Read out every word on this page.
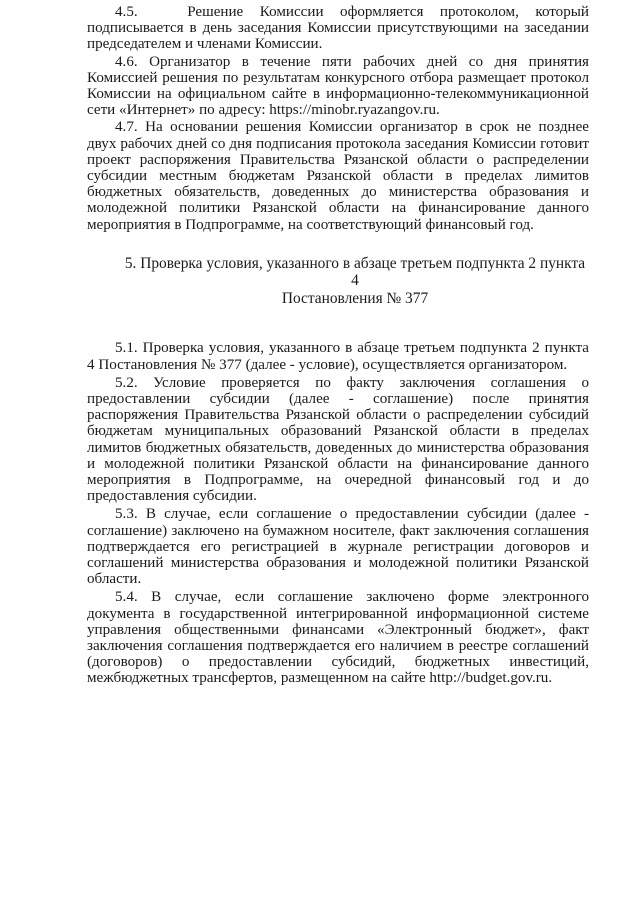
4.5.   Решение Комиссии оформляется протоколом, который подписывается в день заседания Комиссии присутствующими на заседании председателем и членами Комиссии.

4.6. Организатор в течение пяти рабочих дней со дня принятия Комиссией решения по результатам конкурсного отбора размещает протокол Комиссии на официальном сайте в информационно-телекоммуникационной сети «Интернет» по адресу: https://minobr.ryazangov.ru.

4.7. На основании решения Комиссии организатор в срок не позднее двух рабочих дней со дня подписания протокола заседания Комиссии готовит проект распоряжения Правительства Рязанской области о распределении субсидии местным бюджетам Рязанской области в пределах лимитов бюджетных обязательств, доведенных до министерства образования и молодежной политики Рязанской области на финансирование данного мероприятия в Подпрограмме, на соответствующий финансовый год.

5. Проверка условия, указанного в абзаце третьем подпункта 2 пункта 4
Постановления № 377

5.1. Проверка условия, указанного в абзаце третьем подпункта 2 пункта 4 Постановления № 377 (далее - условие), осуществляется организатором.

5.2. Условие проверяется по факту заключения соглашения о предоставлении субсидии (далее - соглашение) после принятия распоряжения Правительства Рязанской области о распределении субсидий бюджетам муниципальных образований Рязанской области в пределах лимитов бюджетных обязательств, доведенных до министерства образования и молодежной политики Рязанской области на финансирование данного мероприятия в Подпрограмме, на очередной финансовый год и до предоставления субсидии.

5.3. В случае, если соглашение о предоставлении субсидии (далее - соглашение) заключено на бумажном носителе, факт заключения соглашения подтверждается его регистрацией в журнале регистрации договоров и соглашений министерства образования и молодежной политики Рязанской области.

5.4. В случае, если соглашение заключено форме электронного документа в государственной интегрированной информационной системе управления общественными финансами «Электронный бюджет», факт заключения соглашения подтверждается его наличием в реестре соглашений (договоров) о предоставлении субсидий, бюджетных инвестиций, межбюджетных трансфертов, размещенном на сайте http://budget.gov.ru.
